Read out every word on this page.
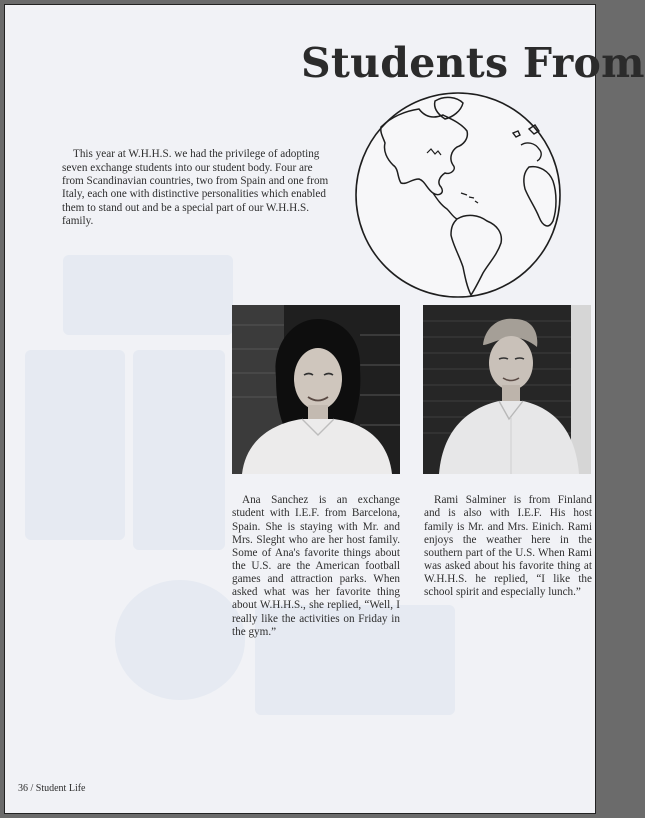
Students From

This year at W.H.H.S. we had the privilege of adopting seven exchange students into our student body. Four are from Scandinavian countries, two from Spain and one from Italy, each one with distinctive personalities which enabled them to stand out and be a special part of our W.H.H.S. family.

Ana Sanchez is an exchange student with I.E.F. from Barcelona, Spain. She is staying with Mr. and Mrs. Sleght who are her host family. Some of Ana's favorite things about the U.S. are the American football games and attraction parks. When asked what was her favorite thing about W.H.H.S., she replied, “Well, I really like the activities on Friday in the gym.”

Rami Salminer is from Finland and is also with I.E.F. His host family is Mr. and Mrs. Einich. Rami enjoys the weather here in the southern part of the U.S. When Rami was asked about his favorite thing at W.H.H.S. he replied, “I like the school spirit and especially lunch.”

36 / Student Life
